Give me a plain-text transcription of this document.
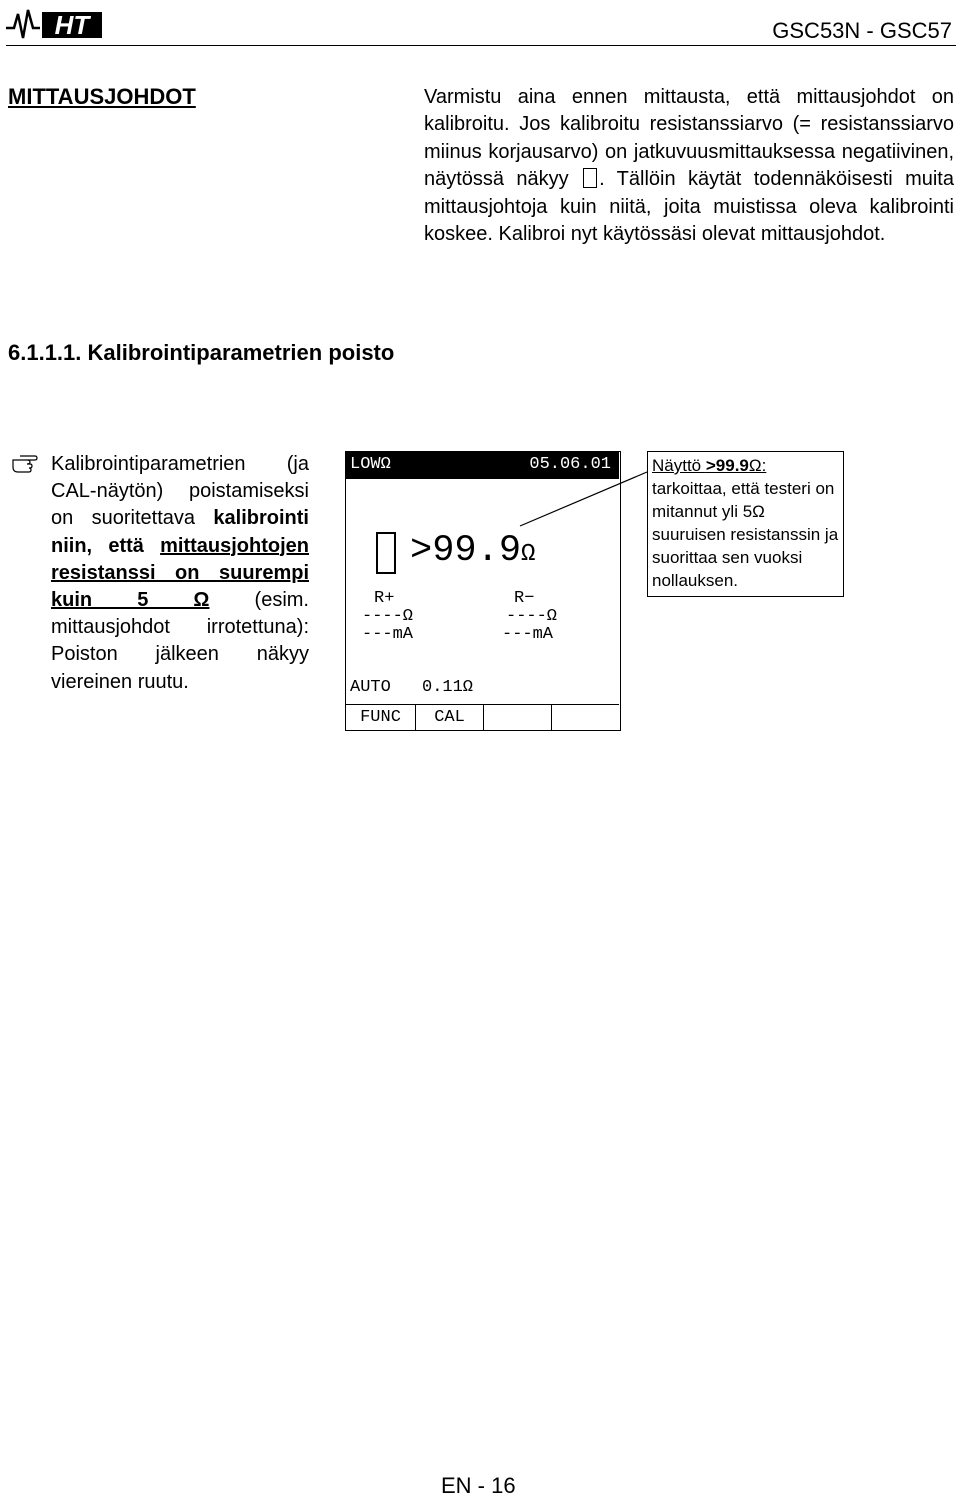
HT	GSC53N - GSC57
MITTAUSJOHDOT	Varmistu aina ennen mittausta, että mittausjohdot on kalibroitu. Jos kalibroitu resistanssiarvo (= resistanssiarvo miinus korjausarvo) on jatkuvuusmittauksessa negatiivinen, näytössä näkyy . Tällöin käytät todennäköisesti muita mittausjohtoja kuin niitä, joita muistissa oleva kalibrointi koskee. Kalibroi nyt käytössäsi olevat mittausjohdot.
6.1.1.1. Kalibrointiparametrien poisto
Kalibrointiparametrien (ja CAL-näytön) poistamiseksi on suoritettava kalibrointi niin, että mittausjohtojen resistanssi on suurempi kuin 5 Ω (esim. mittausjohdot irrotettuna): Poiston jälkeen näkyy viereinen ruutu.
LOWΩ	05.06.01
>99.9Ω
R+
----Ω
---mA
R−
----Ω
---mA
AUTO 0.11Ω
FUNC	CAL
Näyttö >99.9Ω:
tarkoittaa, että testeri on mitannut yli 5Ω suuruisen resistanssin ja suorittaa sen vuoksi nollauksen.
EN - 16
